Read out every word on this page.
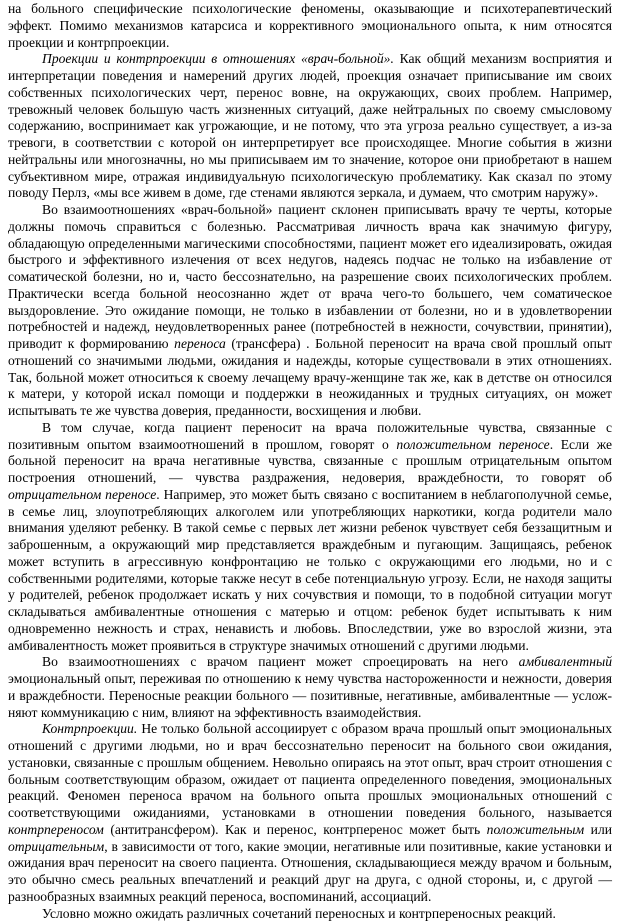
на больного специфические психологические феномены, оказывающие и психотерапевтический эффект. Помимо механизмов катарсиса и коррективного эмоционального опыта, к ним относятся проекции и контрпроекции.

Проекции и контрпроекции в отношениях «врач-больной». Как общий механизм восприятия и интерпретации поведения и намерений других людей, проекция означает приписывание им своих собственных психологических черт, перенос вовне, на окружающих, своих проблем. Например, тревожный человек большую часть жизненных ситуаций, даже нейтральных по своему смысловому содержанию, воспринимает как угрожающие, и не потому, что эта угроза реально существует, а из-за тревоги, в соответствии с которой он интерпретирует все происходящее. Многие события в жизни нейтральны или многозначны, но мы приписываем им то значение, которое они приобретают в нашем субъективном мире, отражая индивидуальную психологическую проблематику. Как сказал по этому поводу Перлз, «мы все живем в доме, где стенами являются зеркала, и думаем, что смотрим наружу».

Во взаимоотношениях «врач-больной» пациент склонен приписывать врачу те черты, которые должны помочь справиться с болезнью. Рассматривая личность врача как значимую фигуру, обладающую определенными магическими способностями, пациент может его идеализировать, ожидая быстрого и эффективного излечения от всех недугов, надеясь подчас не только на избавление от соматической болезни, но и, часто бессознательно, на разрешение своих психологических проблем. Практически всегда больной неосознанно ждет от врача чего-то большего, чем соматическое выздоровление. Это ожидание помощи, не только в избавлении от болезни, но и в удовлетворении потребностей и надежд, неудовлетворенных ранее (потребностей в нежности, сочувствии, принятии), приводит к формированию переноса (трансфера) . Больной переносит на врача свой прошлый опыт отношений со значимыми людьми, ожидания и надежды, которые существовали в этих отношениях. Так, больной может относиться к своему лечащему врачу-женщине так же, как в детстве он относился к матери, у которой искал помощи и поддержки в неожиданных и трудных ситуациях, он может испытывать те же чувства доверия, преданности, восхищения и любви.

В том случае, когда пациент переносит на врача положительные чувства, связанные с позитивным опытом взаимоотношений в прошлом, говорят о положительном переносе. Если же больной переносит на врача негативные чувства, связанные с прошлым отрицательным опытом построения отношений, — чувства раздражения, недоверия, враждебности, то говорят об отрицательном переносе. Например, это может быть связано с воспитанием в неблагополучной семье, в семье лиц, злоупотребляющих алкоголем или употребляющих наркотики, когда родители мало внимания уделяют ребенку. В такой семье с первых лет жизни ребенок чувствует себя беззащитным и заброшенным, а окружающий мир представляется враждебным и пугающим. Защищаясь, ребенок может вступить в агрессивную конфронтацию не только с окружающими его людьми, но и с собственными родителями, которые также несут в себе потенциальную угрозу. Если, не находя защиты у родителей, ребенок продолжает искать у них сочувствия и помощи, то в подобной ситуации могут складываться амбивалентные отношения с матерью и отцом: ребенок будет испытывать к ним одновременно нежность и страх, ненависть и любовь. Впоследствии, уже во взрослой жизни, эта амбивалентность может проявиться в структуре значимых отношений с другими людьми.

Во взаимоотношениях с врачом пациент может спроецировать на него амбивалентный эмоциональный опыт, переживая по отношению к нему чувства настороженности и нежности, доверия и враждебности. Переносные реакции больного — позитивные, негативные, амбивалентные — усложняют коммуникацию с ним, влияют на эффективность взаимодействия.

Контрпроекции. Не только больной ассоциирует с образом врача прошлый опыт эмоциональных отношений с другими людьми, но и врач бессознательно переносит на больного свои ожидания, установки, связанные с прошлым общением. Невольно опираясь на этот опыт, врач строит отношения с больным соответствующим образом, ожидает от пациента определенного поведения, эмоциональных реакций. Феномен переноса врачом на больного опыта прошлых эмоциональных отношений с соответствующими ожиданиями, установками в отношении поведения больного, называется контрпереносом (антитрансфером). Как и перенос, контрперенос может быть положительным или отрицательным, в зависимости от того, какие эмоции, негативные или позитивные, какие установки и ожидания врач переносит на своего пациента. Отношения, складывающиеся между врачом и больным, это обычно смесь реальных впечатлений и реакций друг на друга, с одной стороны, и, с другой — разнообразных взаимных реакций переноса, воспоминаний, ассоциаций.

Условно можно ожидать различных сочетаний переносных и контрпереносных реакций.
